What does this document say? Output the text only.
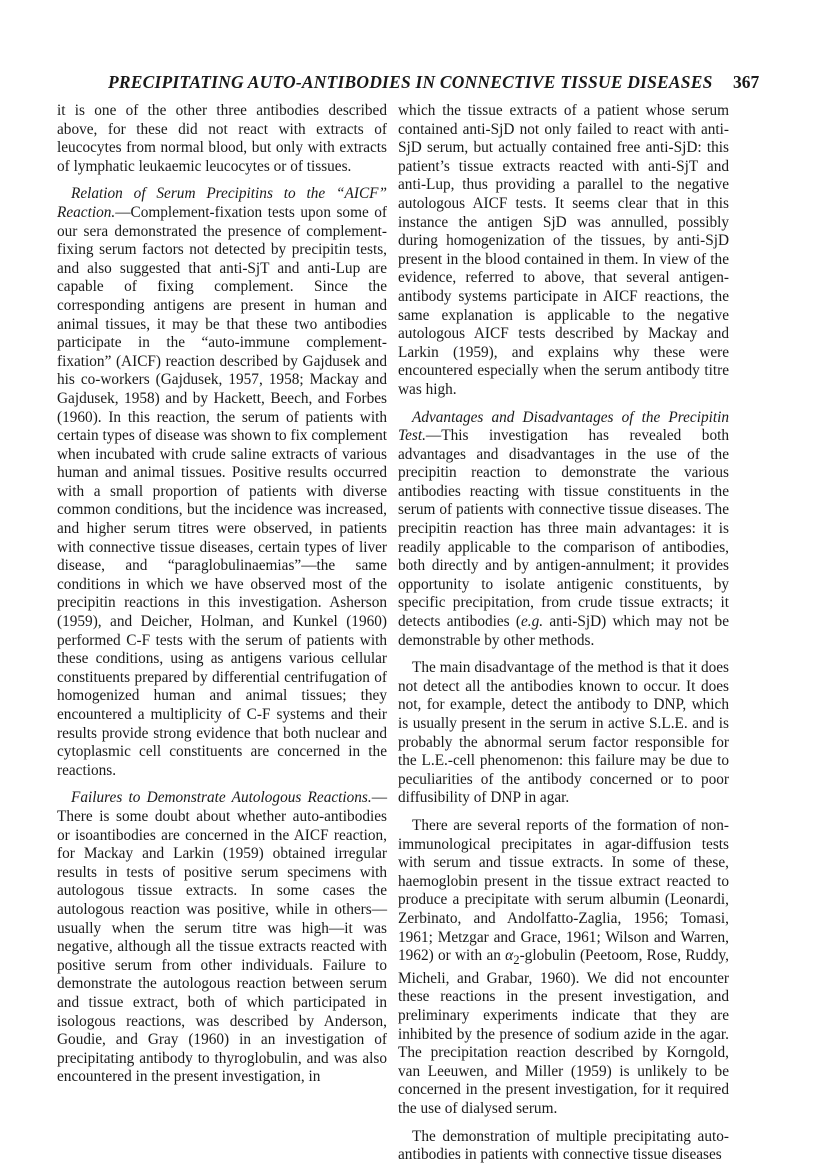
PRECIPITATING AUTO-ANTIBODIES IN CONNECTIVE TISSUE DISEASES	367

it is one of the other three antibodies described above, for these did not react with extracts of leucocytes from normal blood, but only with extracts of lymphatic leukaemic leucocytes or of tissues.

Relation of Serum Precipitins to the “AICF” Reaction.—Complement-fixation tests upon some of our sera demonstrated the presence of complement-fixing serum factors not detected by precipitin tests, and also suggested that anti-SjT and anti-Lup are capable of fixing complement. Since the corresponding antigens are present in human and animal tissues, it may be that these two antibodies participate in the “auto-immune complement-fixation” (AICF) reaction described by Gajdusek and his co-workers (Gajdusek, 1957, 1958; Mackay and Gajdusek, 1958) and by Hackett, Beech, and Forbes (1960). In this reaction, the serum of patients with certain types of disease was shown to fix complement when incubated with crude saline extracts of various human and animal tissues. Positive results occurred with a small proportion of patients with diverse common conditions, but the incidence was increased, and higher serum titres were observed, in patients with connective tissue diseases, certain types of liver disease, and “paraglobulinaemias”—the same conditions in which we have observed most of the precipitin reactions in this investigation. Asherson (1959), and Deicher, Holman, and Kunkel (1960) performed C-F tests with the serum of patients with these conditions, using as antigens various cellular constituents prepared by differential centrifugation of homogenized human and animal tissues; they encountered a multiplicity of C-F systems and their results provide strong evidence that both nuclear and cytoplasmic cell constituents are concerned in the reactions.

Failures to Demonstrate Autologous Reactions.—There is some doubt about whether auto-antibodies or isoantibodies are concerned in the AICF reaction, for Mackay and Larkin (1959) obtained irregular results in tests of positive serum specimens with autologous tissue extracts. In some cases the autologous reaction was positive, while in others—usually when the serum titre was high—it was negative, although all the tissue extracts reacted with positive serum from other individuals. Failure to demonstrate the autologous reaction between serum and tissue extract, both of which participated in isologous reactions, was described by Anderson, Goudie, and Gray (1960) in an investigation of precipitating antibody to thyroglobulin, and was also encountered in the present investigation, in

which the tissue extracts of a patient whose serum contained anti-SjD not only failed to react with anti-SjD serum, but actually contained free anti-SjD: this patient’s tissue extracts reacted with anti-SjT and anti-Lup, thus providing a parallel to the negative autologous AICF tests. It seems clear that in this instance the antigen SjD was annulled, possibly during homogenization of the tissues, by anti-SjD present in the blood contained in them. In view of the evidence, referred to above, that several antigen-antibody systems participate in AICF reactions, the same explanation is applicable to the negative autologous AICF tests described by Mackay and Larkin (1959), and explains why these were encountered especially when the serum antibody titre was high.

Advantages and Disadvantages of the Precipitin Test.—This investigation has revealed both advantages and disadvantages in the use of the precipitin reaction to demonstrate the various antibodies reacting with tissue constituents in the serum of patients with connective tissue diseases. The precipitin reaction has three main advantages: it is readily applicable to the comparison of antibodies, both directly and by antigen-annulment; it provides opportunity to isolate antigenic constituents, by specific precipitation, from crude tissue extracts; it detects antibodies (e.g. anti-SjD) which may not be demonstrable by other methods.

The main disadvantage of the method is that it does not detect all the antibodies known to occur. It does not, for example, detect the antibody to DNP, which is usually present in the serum in active S.L.E. and is probably the abnormal serum factor responsible for the L.E.-cell phenomenon: this failure may be due to peculiarities of the antibody concerned or to poor diffusibility of DNP in agar.

There are several reports of the formation of non-immunological precipitates in agar-diffusion tests with serum and tissue extracts. In some of these, haemoglobin present in the tissue extract reacted to produce a precipitate with serum albumin (Leonardi, Zerbinato, and Andolfatto-Zaglia, 1956; Tomasi, 1961; Metzgar and Grace, 1961; Wilson and Warren, 1962) or with an $\alpha_2$-globulin (Peetoom, Rose, Ruddy, Micheli, and Grabar, 1960). We did not encounter these reactions in the present investigation, and preliminary experiments indicate that they are inhibited by the presence of sodium azide in the agar. The precipitation reaction described by Korngold, van Leeuwen, and Miller (1959) is unlikely to be concerned in the present investigation, for it required the use of dialysed serum.

The demonstration of multiple precipitating auto-antibodies in patients with connective tissue diseases
